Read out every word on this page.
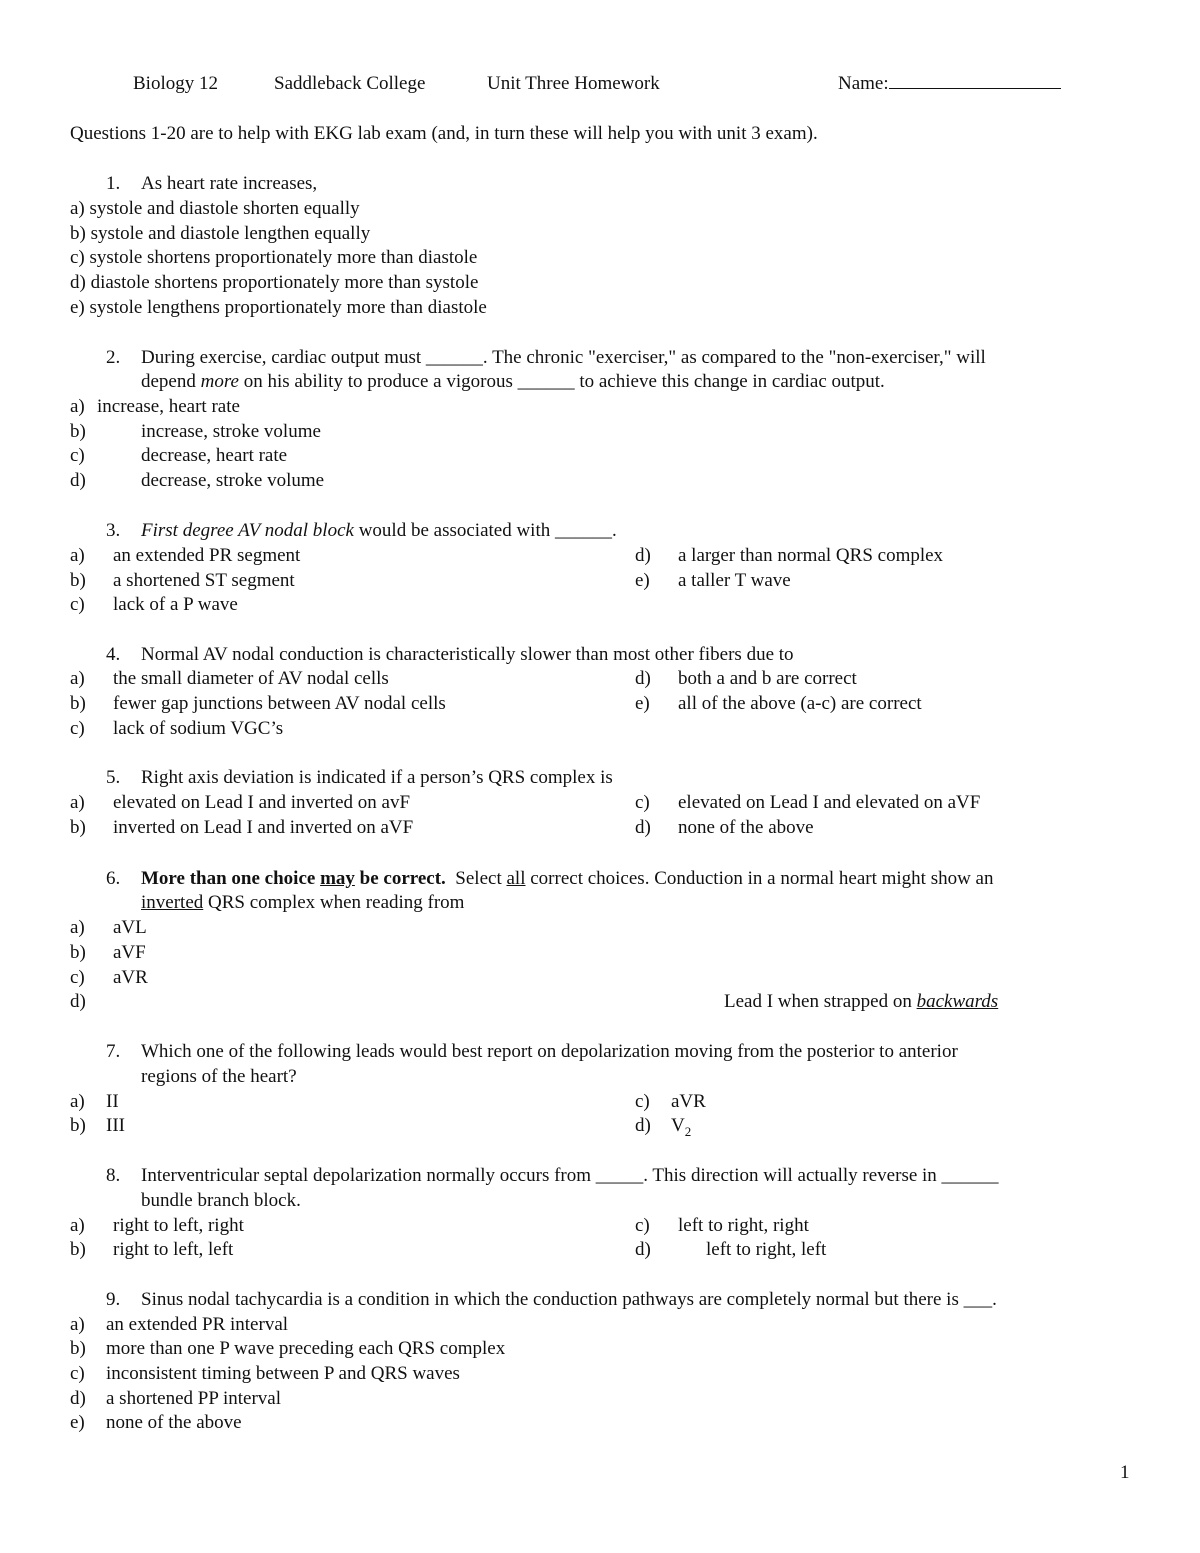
Biology 12	Saddleback College	Unit Three Homework	Name:
Questions 1-20 are to help with EKG lab exam (and, in turn these will help you with unit 3 exam).
1. As heart rate increases,
a) systole and diastole shorten equally
b) systole and diastole lengthen equally
c) systole shortens proportionately more than diastole
d) diastole shortens proportionately more than systole
e) systole lengthens proportionately more than diastole
2. During exercise, cardiac output must ______. The chronic "exerciser," as compared to the "non-exerciser," will
depend more on his ability to produce a vigorous ______ to achieve this change in cardiac output.
a) increase, heart rate
b)	increase, stroke volume
c)	decrease, heart rate
d)	decrease, stroke volume
3. First degree AV nodal block would be associated with ______.
a) an extended PR segment
b) a shortened ST segment
c) lack of a P wave
d) a larger than normal QRS complex
e) a taller T wave
4. Normal AV nodal conduction is characteristically slower than most other fibers due to
a) the small diameter of AV nodal cells
b) fewer gap junctions between AV nodal cells
c) lack of sodium VGC’s
d) both a and b are correct
e) all of the above (a-c) are correct
5. Right axis deviation is indicated if a person’s QRS complex is
a) elevated on Lead I and inverted on avF
b) inverted on Lead I and inverted on aVF
c) elevated on Lead I and elevated on aVF
d) none of the above
6. More than one choice may be correct.  Select all correct choices. Conduction in a normal heart might show an
inverted QRS complex when reading from
a) aVL
b) aVF
c) aVR
d)	Lead I when strapped on backwards
7. Which one of the following leads would best report on depolarization moving from the posterior to anterior
regions of the heart?
a) II
b) III
c) aVR
d) $V_2$
8. Interventricular septal depolarization normally occurs from _____. This direction will actually reverse in ______
bundle branch block.
a) right to left, right
b) right to left, left
c) left to right, right
d)	left to right, left
9. Sinus nodal tachycardia is a condition in which the conduction pathways are completely normal but there is ___.
a) an extended PR interval
b) more than one P wave preceding each QRS complex
c) inconsistent timing between P and QRS waves
d) a shortened PP interval
e) none of the above
1
